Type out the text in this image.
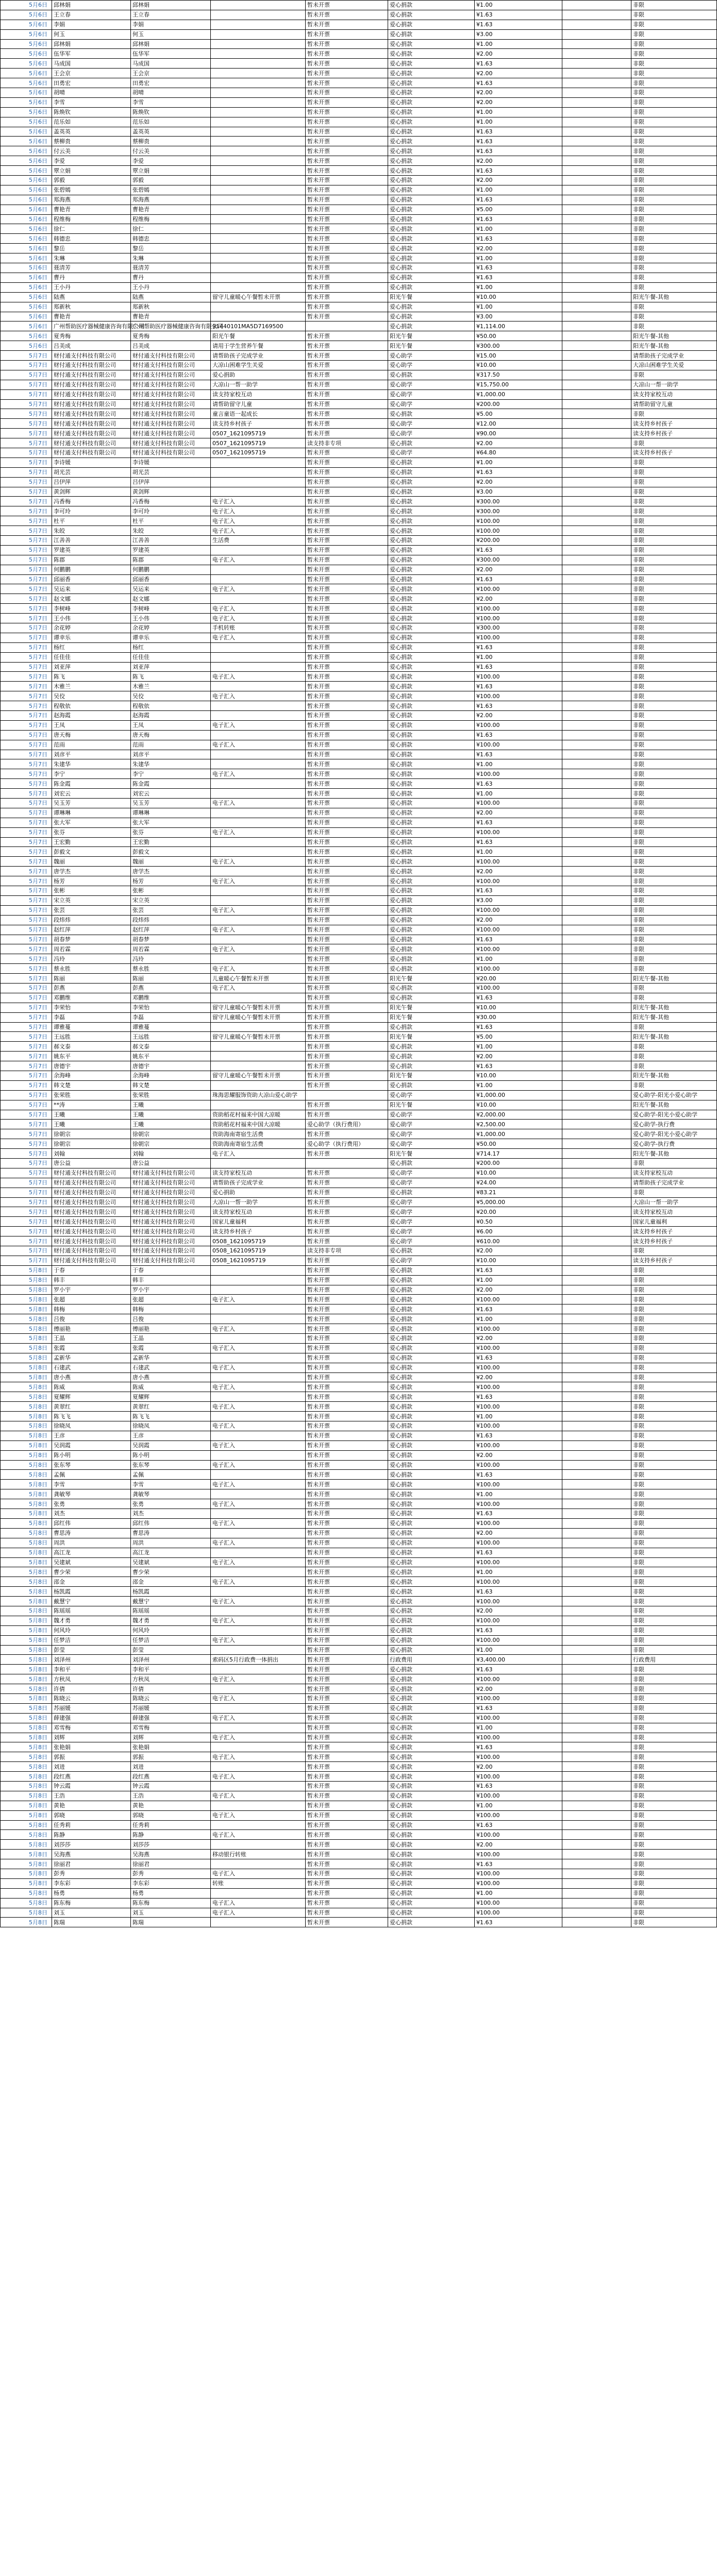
5月6日	邱林娟	邱林娟		暂未开票	爱心捐款	¥1.00		非限
5月6日	王立春	王立春		暂未开票	爱心捐款	¥1.63		非限
5月6日	李娟	李娟		暂未开票	爱心捐款	¥1.63		非限
5月6日	何玉	何玉		暂未开票	爱心捐款	¥3.00		非限
5月6日	邱林娟	邱林娟		暂未开票	爱心捐款	¥1.00		非限
5月6日	伍华军	伍华军		暂未开票	爱心捐款	¥2.00		非限
5月6日	马成国	马成国		暂未开票	爱心捐款	¥1.63		非限
5月6日	王会京	王会京		暂未开票	爱心捐款	¥2.00		非限
5月6日	田勇宏	田勇宏		暂未开票	爱心捐款	¥1.63		非限
5月6日	胡晴	胡晴		暂未开票	爱心捐款	¥2.00		非限
5月6日	李雪	李雪		暂未开票	爱心捐款	¥2.00		非限
5月6日	陈焕钦	陈焕钦		暂未开票	爱心捐款	¥1.00		非限
5月6日	范乐如	范乐如		暂未开票	爱心捐款	¥1.00		非限
5月6日	盖英英	盖英英		暂未开票	爱心捐款	¥1.63		非限
5月6日	蔡柳贵	蔡柳贵		暂未开票	爱心捐款	¥1.63		非限
5月6日	付云美	付云美		暂未开票	爱心捐款	¥1.63		非限
5月6日	李爱	李爱		暂未开票	爱心捐款	¥2.00		非限
5月6日	覃立娟	覃立娟		暂未开票	爱心捐款	¥1.63		非限
5月6日	郭毅	郭毅		暂未开票	爱心捐款	¥2.00		非限
5月6日	张碧嫣	张碧嫣		暂未开票	爱心捐款	¥1.00		非限
5月6日	郑海燕	郑海燕		暂未开票	爱心捐款	¥1.63		非限
5月6日	曹艳青	曹艳青		暂未开票	爱心捐款	¥5.00		非限
5月6日	程维梅	程维梅		暂未开票	爱心捐款	¥1.63		非限
5月6日	徐仁	徐仁		暂未开票	爱心捐款	¥1.00		非限
5月6日	韩德忠	韩德忠		暂未开票	爱心捐款	¥1.63		非限
5月6日	黎岳	黎岳		暂未开票	爱心捐款	¥2.00		非限
5月6日	朱琳	朱琳		暂未开票	爱心捐款	¥1.00		非限
5月6日	聂清芳	聂清芳		暂未开票	爱心捐款	¥1.63		非限
5月6日	曹丹	曹丹		暂未开票	爱心捐款	¥1.63		非限
5月6日	王小丹	王小丹		暂未开票	爱心捐款	¥1.00		非限
5月6日	陆燕	陆燕	留守儿童暖心午餐暂未开票	暂未开票	阳光午餐	¥10.00		阳光午餐-其他
5月6日	郑新秋	郑新秋		暂未开票	爱心捐款	¥1.00		非限
5月6日	曹艳青	曹艳青		暂未开票	爱心捐款	¥3.00		非限
5月6日	广州帮助医疗器械健康咨询有限公司	广州帮助医疗器械健康咨询有限公司	91440101MA5D7169500		爱心捐款	¥1,114.00		非限
5月6日	夏秀梅	夏秀梅	阳光午餐	暂未开票	阳光午餐	¥50.00		阳光午餐-其他
5月6日	吕美成	吕美成	请用于学生营养午餐	暂未开票	阳光午餐	¥300.00		阳光午餐-其他
5月7日	财付通支付科技有限公司	财付通支付科技有限公司	请帮助孩子完成学业	暂未开票	爱心助学	¥15.00		请帮助孩子完成学业
5月7日	财付通支付科技有限公司	财付通支付科技有限公司	大凉山困难学生关爱	暂未开票	爱心助学	¥10.00		大凉山困难学生关爱
5月7日	财付通支付科技有限公司	财付通支付科技有限公司	爱心捐助	暂未开票	爱心捐款	¥317.50		非限
5月7日	财付通支付科技有限公司	财付通支付科技有限公司	大凉山一帮一助学	暂未开票	爱心助学	¥15,750.00		大凉山一帮一助学
5月7日	财付通支付科技有限公司	财付通支付科技有限公司	读支持家校互动	暂未开票	爱心助学	¥1,000.00		读支持家校互动
5月7日	财付通支付科技有限公司	财付通支付科技有限公司	请帮助留守儿童	暂未开票	爱心助学	¥200.00		请帮助留守儿童
5月7日	财付通支付科技有限公司	财付通支付科技有限公司	童言童语一起成长	暂未开票	爱心捐款	¥5.00		非限
5月7日	财付通支付科技有限公司	财付通支付科技有限公司	读支持乡村孩子	暂未开票	爱心助学	¥12.00		读支持乡村孩子
5月7日	财付通支付科技有限公司	财付通支付科技有限公司	0507_1621095719	暂未开票	爱心助学	¥90.00		读支持乡村孩子
5月7日	财付通支付科技有限公司	财付通支付科技有限公司	0507_1621095719	读支持非专项	爱心捐款	¥2.00		非限
5月7日	财付通支付科技有限公司	财付通支付科技有限公司	0507_1621095719	暂未开票	爱心助学	¥64.80		读支持乡村孩子
5月7日	李诗媛	李诗媛		暂未开票	爱心捐款	¥1.00		非限
5月7日	胡光芸	胡光芸		暂未开票	爱心捐款	¥1.63		非限
5月7日	吕伊萍	吕伊萍		暂未开票	爱心捐款	¥2.00		非限
5月7日	黄剑辉	黄剑辉		暂未开票	爱心捐款	¥3.00		非限
5月7日	冯香梅	冯香梅	电子汇入	暂未开票	爱心捐款	¥300.00		非限
5月7日	李可玲	李可玲	电子汇入	暂未开票	爱心捐款	¥300.00		非限
5月7日	杜平	杜平	电子汇入	暂未开票	爱心捐款	¥100.00		非限
5月7日	朱皎	朱皎	电子汇入	暂未开票	爱心捐款	¥100.00		非限
5月7日	江善善	江善善	生活费	暂未开票	爱心捐款	¥200.00		非限
5月7日	罗建英	罗建英		暂未开票	爱心捐款	¥1.63		非限
5月7日	陈郡	陈郡	电子汇入	暂未开票	爱心捐款	¥300.00		非限
5月7日	何鹏鹏	何鹏鹏		暂未开票	爱心捐款	¥2.00		非限
5月7日	邱丽香	邱丽香		暂未开票	爱心捐款	¥1.63		非限
5月7日	吴运来	吴运来	电子汇入	暂未开票	爱心捐款	¥100.00		非限
5月7日	赵文娜	赵文娜		暂未开票	爱心捐款	¥2.00		非限
5月7日	李树峰	李树峰	电子汇入	暂未开票	爱心捐款	¥100.00		非限
5月7日	王小伟	王小伟	电子汇入	暂未开票	爱心捐款	¥100.00		非限
5月7日	余花婷	余花婷	手机转账	暂未开票	爱心捐款	¥300.00		非限
5月7日	谭幸乐	谭幸乐	电子汇入	暂未开票	爱心捐款	¥100.00		非限
5月7日	杨红	杨红		暂未开票	爱心捐款	¥1.63		非限
5月7日	任佳佳	任佳佳		暂未开票	爱心捐款	¥1.00		非限
5月7日	刘亚萍	刘亚萍		暂未开票	爱心捐款	¥1.63		非限
5月7日	陈飞	陈飞	电子汇入	暂未开票	爱心捐款	¥100.00		非限
5月7日	木雅兰	木雅兰		暂未开票	爱心捐款	¥1.63		非限
5月7日	吴佼	吴佼	电子汇入	暂未开票	爱心捐款	¥100.00		非限
5月7日	程敬依	程敬依		暂未开票	爱心捐款	¥1.63		非限
5月7日	赵海霞	赵海霞		暂未开票	爱心捐款	¥2.00		非限
5月7日	王凤	王凤	电子汇入	暂未开票	爱心捐款	¥100.00		非限
5月7日	唐天梅	唐天梅		暂未开票	爱心捐款	¥1.63		非限
5月7日	范雨	范雨	电子汇入	暂未开票	爱心捐款	¥100.00		非限
5月7日	刘彦平	刘彦平		暂未开票	爱心捐款	¥1.63		非限
5月7日	朱建华	朱建华		暂未开票	爱心捐款	¥1.00		非限
5月7日	李宁	李宁	电子汇入	暂未开票	爱心捐款	¥100.00		非限
5月7日	陈金霞	陈金霞		暂未开票	爱心捐款	¥1.63		非限
5月7日	刘宏云	刘宏云		暂未开票	爱心捐款	¥1.00		非限
5月7日	吴玉芳	吴玉芳	电子汇入	暂未开票	爱心捐款	¥100.00		非限
5月7日	谭琳琳	谭琳琳		暂未开票	爱心捐款	¥2.00		非限
5月7日	张大军	张大军		暂未开票	爱心捐款	¥1.63		非限
5月7日	张芬	张芬	电子汇入	暂未开票	爱心捐款	¥100.00		非限
5月7日	王宏勤	王宏勤		暂未开票	爱心捐款	¥1.63		非限
5月7日	彭毅文	彭毅文		暂未开票	爱心捐款	¥1.00		非限
5月7日	魏丽	魏丽	电子汇入	暂未开票	爱心捐款	¥100.00		非限
5月7日	唐学杰	唐学杰		暂未开票	爱心捐款	¥2.00		非限
5月7日	杨芳	杨芳	电子汇入	暂未开票	爱心捐款	¥100.00		非限
5月7日	张彬	张彬		暂未开票	爱心捐款	¥1.63		非限
5月7日	宋立英	宋立英		暂未开票	爱心捐款	¥3.00		非限
5月7日	张芸	张芸	电子汇入	暂未开票	爱心捐款	¥100.00		非限
5月7日	段炜炜	段炜炜		暂未开票	爱心捐款	¥2.00		非限
5月7日	赵红萍	赵红萍	电子汇入	暂未开票	爱心捐款	¥100.00		非限
5月7日	胡春梦	胡春梦		暂未开票	爱心捐款	¥1.63		非限
5月7日	周若霖	周若霖	电子汇入	暂未开票	爱心捐款	¥100.00		非限
5月7日	冯玲	冯玲		暂未开票	爱心捐款	¥1.00		非限
5月7日	蔡永胜	蔡永胜	电子汇入	暂未开票	爱心捐款	¥100.00		非限
5月7日	陈丽	陈丽	儿童暖心午餐暂未开票	暂未开票	阳光午餐	¥20.00		阳光午餐-其他
5月7日	彭燕	彭燕	电子汇入	暂未开票	爱心捐款	¥100.00		非限
5月7日	邓鹏维	邓鹏维		暂未开票	爱心捐款	¥1.63		非限
5月7日	李荣怡	李荣怡	留守儿童暖心午餐暂未开票	暂未开票	阳光午餐	¥10.00		阳光午餐-其他
5月7日	李磊	李磊	留守儿童暖心午餐暂未开票	暂未开票	阳光午餐	¥30.00		阳光午餐-其他
5月7日	谭雅蔓	谭雅蔓		暂未开票	爱心捐款	¥1.63		非限
5月7日	王远胜	王远胜	留守儿童暖心午餐暂未开票	暂未开票	阳光午餐	¥5.00		阳光午餐-其他
5月7日	郝文泰	郝文泰		暂未开票	爱心捐款	¥1.00		非限
5月7日	姚东平	姚东平		暂未开票	爱心捐款	¥2.00		非限
5月7日	唐德宇	唐德宇		暂未开票	爱心捐款	¥1.63		非限
5月7日	余海峰	余海峰	留守儿童暖心午餐暂未开票	暂未开票	阳光午餐	¥10.00		阳光午餐-其他
5月7日	韩文楚	韩文楚		暂未开票	爱心捐款	¥1.00		非限
5月7日	张荣胜	张荣胜	珠海思耀服饰资助大凉山爱心助学		爱心助学	¥1,000.00		爱心助学-阳光小爱心助学
5月7日	**涛	王曦		暂未开票	阳光午餐	¥10.00		阳光午餐-其他
5月7日	王曦	王曦	资助稻花村福来中国大凉暖	暂未开票	爱心助学	¥2,000.00		爱心助学-阳光小爱心助学
5月7日	王曦	王曦	资助稻花村福来中国大凉暖	爱心助学（执行费用）	爱心助学	¥2,500.00		爱心助学-执行费
5月7日	徐朝宗	徐朝宗	资助海南寄宿生活费	暂未开票	爱心助学	¥1,000.00		爱心助学-阳光小爱心助学
5月7日	徐朝宗	徐朝宗	资助海南寄宿生活费	爱心助学（执行费用）	爱心助学	¥50.00		爱心助学-执行费
5月7日	刘翰	刘翰	电子汇入	暂未开票	阳光午餐	¥714.17		阳光午餐-其他
5月7日	唐公益	唐公益			爱心捐款	¥200.00		非限
5月7日	财付通支付科技有限公司	财付通支付科技有限公司	读支持家校互动	暂未开票	爱心助学	¥10.00		读支持家校互动
5月7日	财付通支付科技有限公司	财付通支付科技有限公司	请帮助孩子完成学业	暂未开票	爱心助学	¥24.00		请帮助孩子完成学业
5月7日	财付通支付科技有限公司	财付通支付科技有限公司	爱心捐助	暂未开票	爱心捐款	¥83.21		非限
5月7日	财付通支付科技有限公司	财付通支付科技有限公司	大凉山一帮一助学	暂未开票	爱心助学	¥5,000.00		大凉山一帮一助学
5月7日	财付通支付科技有限公司	财付通支付科技有限公司	读支持家校互动	暂未开票	爱心助学	¥20.00		读支持家校互动
5月7日	财付通支付科技有限公司	财付通支付科技有限公司	国家儿童福利	暂未开票	爱心助学	¥0.50		国家儿童福利
5月7日	财付通支付科技有限公司	财付通支付科技有限公司	读支持乡村孩子	暂未开票	爱心助学	¥6.00		读支持乡村孩子
5月7日	财付通支付科技有限公司	财付通支付科技有限公司	0508_1621095719	暂未开票	爱心助学	¥610.00		读支持乡村孩子
5月7日	财付通支付科技有限公司	财付通支付科技有限公司	0508_1621095719	读支持非专项	爱心捐款	¥2.00		非限
5月7日	财付通支付科技有限公司	财付通支付科技有限公司	0508_1621095719	暂未开票	爱心助学	¥10.00		读支持乡村孩子
5月8日	于春	于春		暂未开票	爱心捐款	¥1.63		非限
5月8日	韩丰	韩丰		暂未开票	爱心捐款	¥1.00		非限
5月8日	罗小宇	罗小宇		暂未开票	爱心捐款	¥2.00		非限
5月8日	张超	张超	电子汇入	暂未开票	爱心捐款	¥100.00		非限
5月8日	韩梅	韩梅		暂未开票	爱心捐款	¥1.63		非限
5月8日	吕俊	吕俊		暂未开票	爱心捐款	¥1.00		非限
5月8日	傅丽艳	傅丽艳	电子汇入	暂未开票	爱心捐款	¥100.00		非限
5月8日	王晶	王晶		暂未开票	爱心捐款	¥2.00		非限
5月8日	张霞	张霞	电子汇入	暂未开票	爱心捐款	¥100.00		非限
5月8日	孟新华	孟新华		暂未开票	爱心捐款	¥1.63		非限
5月8日	石建武	石建武	电子汇入	暂未开票	爱心捐款	¥100.00		非限
5月8日	唐小燕	唐小燕		暂未开票	爱心捐款	¥2.00		非限
5月8日	陈威	陈威	电子汇入	暂未开票	爱心捐款	¥100.00		非限
5月8日	夏耀辉	夏耀辉		暂未开票	爱心捐款	¥1.63		非限
5月8日	黄翠红	黄翠红	电子汇入	暂未开票	爱心捐款	¥100.00		非限
5月8日	陈飞飞	陈飞飞		暂未开票	爱心捐款	¥1.00		非限
5月8日	徐晓凤	徐晓凤	电子汇入	暂未开票	爱心捐款	¥100.00		非限
5月8日	王彦	王彦		暂未开票	爱心捐款	¥1.63		非限
5月8日	吴润霞	吴润霞	电子汇入	暂未开票	爱心捐款	¥100.00		非限
5月8日	陈小明	陈小明		暂未开票	爱心捐款	¥2.00		非限
5月8日	张东琴	张东琴	电子汇入	暂未开票	爱心捐款	¥100.00		非限
5月8日	孟佩	孟佩		暂未开票	爱心捐款	¥1.63		非限
5月8日	李雪	李雪	电子汇入	暂未开票	爱心捐款	¥100.00		非限
5月8日	龚敏琴	龚敏琴		暂未开票	爱心捐款	¥1.00		非限
5月8日	张勇	张勇	电子汇入	暂未开票	爱心捐款	¥100.00		非限
5月8日	刘杰	刘杰		暂未开票	爱心捐款	¥1.63		非限
5月8日	邱红伟	邱红伟	电子汇入	暂未开票	爱心捐款	¥100.00		非限
5月8日	曹思涛	曹思涛		暂未开票	爱心捐款	¥2.00		非限
5月8日	周洪	周洪	电子汇入	暂未开票	爱心捐款	¥100.00		非限
5月8日	高江龙	高江龙		暂未开票	爱心捐款	¥1.63		非限
5月8日	吴建斌	吴建斌	电子汇入	暂未开票	爱心捐款	¥100.00		非限
5月8日	曹少荣	曹少荣		暂未开票	爱心捐款	¥1.00		非限
5月8日	邵金	邵金	电子汇入	暂未开票	爱心捐款	¥100.00		非限
5月8日	杨凯霞	杨凯霞		暂未开票	爱心捐款	¥1.63		非限
5月8日	戴慧宁	戴慧宁	电子汇入	暂未开票	爱心捐款	¥100.00		非限
5月8日	陈瑶瑶	陈瑶瑶		暂未开票	爱心捐款	¥2.00		非限
5月8日	魏才勇	魏才勇	电子汇入	暂未开票	爱心捐款	¥100.00		非限
5月8日	何风玲	何风玲		暂未开票	爱心捐款	¥1.63		非限
5月8日	任梦洁	任梦洁	电子汇入	暂未开票	爱心捐款	¥100.00		非限
5月8日	彭莹	彭莹		暂未开票	爱心捐款	¥1.00		非限
5月8日	刘泽州	刘泽州	索码区5月行政费一体捐出	暂未开票	行政费用	¥3,400.00		行政费用
5月8日	李和平	李和平		暂未开票	爱心捐款	¥1.63		非限
5月8日	方秋凤	方秋凤	电子汇入	暂未开票	爱心捐款	¥100.00		非限
5月8日	许倩	许倩		暂未开票	爱心捐款	¥2.00		非限
5月8日	陈晓云	陈晓云	电子汇入	暂未开票	爱心捐款	¥100.00		非限
5月8日	苏丽媛	苏丽媛		暂未开票	爱心捐款	¥1.63		非限
5月8日	薛建强	薛建强	电子汇入	暂未开票	爱心捐款	¥100.00		非限
5月8日	邓雪梅	邓雪梅		暂未开票	爱心捐款	¥1.00		非限
5月8日	刘辉	刘辉	电子汇入	暂未开票	爱心捐款	¥100.00		非限
5月8日	张艳娟	张艳娟		暂未开票	爱心捐款	¥1.63		非限
5月8日	郭振	郭振	电子汇入	暂未开票	爱心捐款	¥100.00		非限
5月8日	刘进	刘进		暂未开票	爱心捐款	¥2.00		非限
5月8日	段红燕	段红燕	电子汇入	暂未开票	爱心捐款	¥100.00		非限
5月8日	钟云霞	钟云霞		暂未开票	爱心捐款	¥1.63		非限
5月8日	王浩	王浩	电子汇入	暂未开票	爱心捐款	¥100.00		非限
5月8日	黄艳	黄艳		暂未开票	爱心捐款	¥1.00		非限
5月8日	郭晓	郭晓	电子汇入	暂未开票	爱心捐款	¥100.00		非限
5月8日	任秀莉	任秀莉		暂未开票	爱心捐款	¥1.63		非限
5月8日	陈静	陈静	电子汇入	暂未开票	爱心捐款	¥100.00		非限
5月8日	刘莎莎	刘莎莎		暂未开票	爱心捐款	¥2.00		非限
5月8日	吴海燕	吴海燕	移动银行转账	暂未开票	爱心捐款	¥100.00		非限
5月8日	徐丽君	徐丽君		暂未开票	爱心捐款	¥1.63		非限
5月8日	彭秀	彭秀	电子汇入	暂未开票	爱心捐款	¥100.00		非限
5月8日	李东彩	李东彩	转账	暂未开票	爱心捐款	¥100.00		非限
5月8日	杨勇	杨勇		暂未开票	爱心捐款	¥1.00		非限
5月8日	陈东梅	陈东梅	电子汇入	暂未开票	爱心捐款	¥100.00		非限
5月8日	刘玉	刘玉	电子汇入	暂未开票	爱心捐款	¥100.00		非限
5月8日	陈瑞	陈瑞		暂未开票	爱心捐款	¥1.63		非限
